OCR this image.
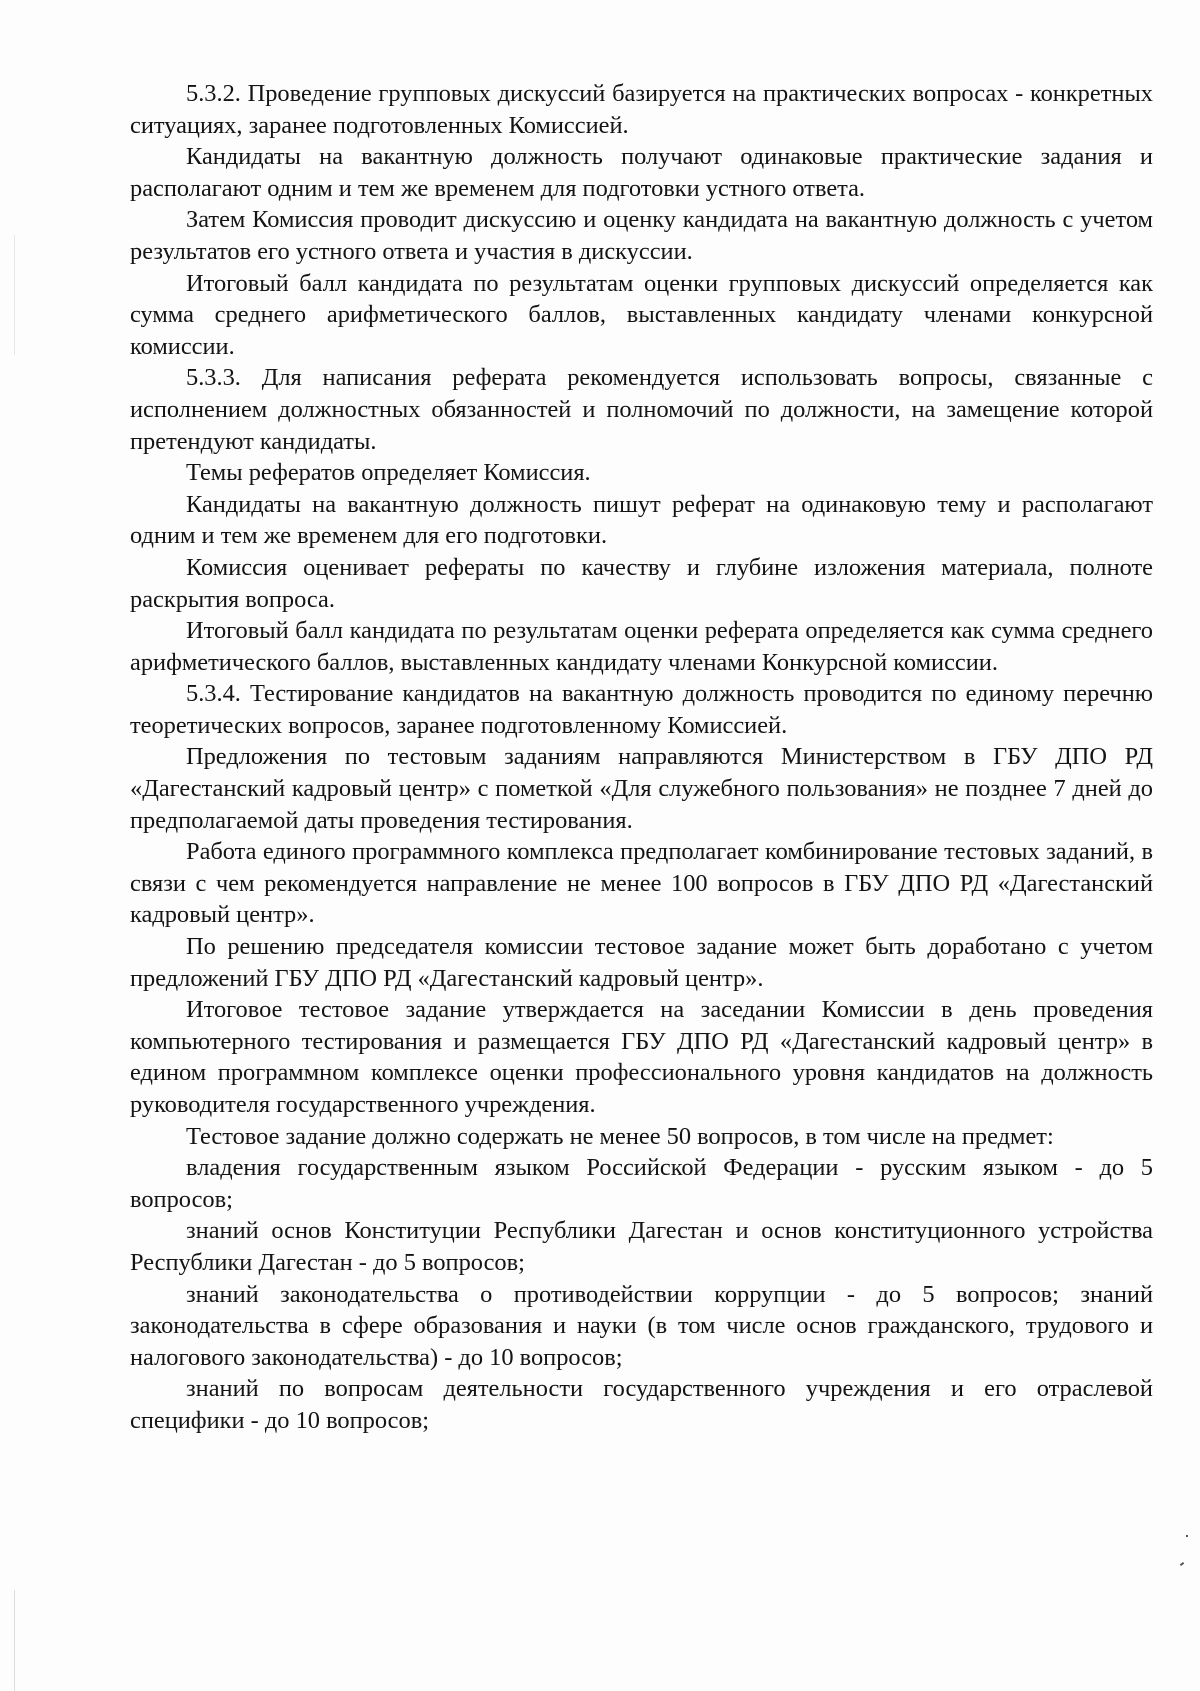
5.3.2. Проведение групповых дискуссий базируется на практических вопросах - конкретных ситуациях, заранее подготовленных Комиссией.

Кандидаты на вакантную должность получают одинаковые практические задания и располагают одним и тем же временем для подготовки устного ответа.

Затем Комиссия проводит дискуссию и оценку кандидата на вакантную должность с учетом результатов его устного ответа и участия в дискуссии.

Итоговый балл кандидата по результатам оценки групповых дискуссий определяется как сумма среднего арифметического баллов, выставленных кандидату членами конкурсной комиссии.

5.3.3. Для написания реферата рекомендуется использовать вопросы, связанные с исполнением должностных обязанностей и полномочий по должности, на замещение которой претендуют кандидаты.

Темы рефератов определяет Комиссия.

Кандидаты на вакантную должность пишут реферат на одинаковую тему и располагают одним и тем же временем для его подготовки.

Комиссия оценивает рефераты по качеству и глубине изложения материала, полноте раскрытия вопроса.

Итоговый балл кандидата по результатам оценки реферата определяется как сумма среднего арифметического баллов, выставленных кандидату членами Конкурсной комиссии.

5.3.4. Тестирование кандидатов на вакантную должность проводится по единому перечню теоретических вопросов, заранее подготовленному Комиссией.

Предложения по тестовым заданиям направляются Министерством в ГБУ ДПО РД «Дагестанский кадровый центр» с пометкой «Для служебного пользования» не позднее 7 дней до предполагаемой даты проведения тестирования.

Работа единого программного комплекса предполагает комбинирование тестовых заданий, в связи с чем рекомендуется направление не менее 100 вопросов в ГБУ ДПО РД «Дагестанский кадровый центр».

По решению председателя комиссии тестовое задание может быть доработано с учетом предложений ГБУ ДПО РД «Дагестанский кадровый центр».

Итоговое тестовое задание утверждается на заседании Комиссии в день проведения компьютерного тестирования и размещается ГБУ ДПО РД «Дагестанский кадровый центр» в едином программном комплексе оценки профессионального уровня кандидатов на должность руководителя государственного учреждения.

Тестовое задание должно содержать не менее 50 вопросов, в том числе на предмет:

владения государственным языком Российской Федерации - русским языком - до 5 вопросов;

знаний основ Конституции Республики Дагестан и основ конституционного устройства Республики Дагестан - до 5 вопросов;

знаний законодательства о противодействии коррупции - до 5 вопросов; знаний законодательства в сфере образования и науки (в том числе основ гражданского, трудового и налогового законодательства) - до 10 вопросов;

знаний по вопросам деятельности государственного учреждения и его отраслевой специфики - до 10 вопросов;
